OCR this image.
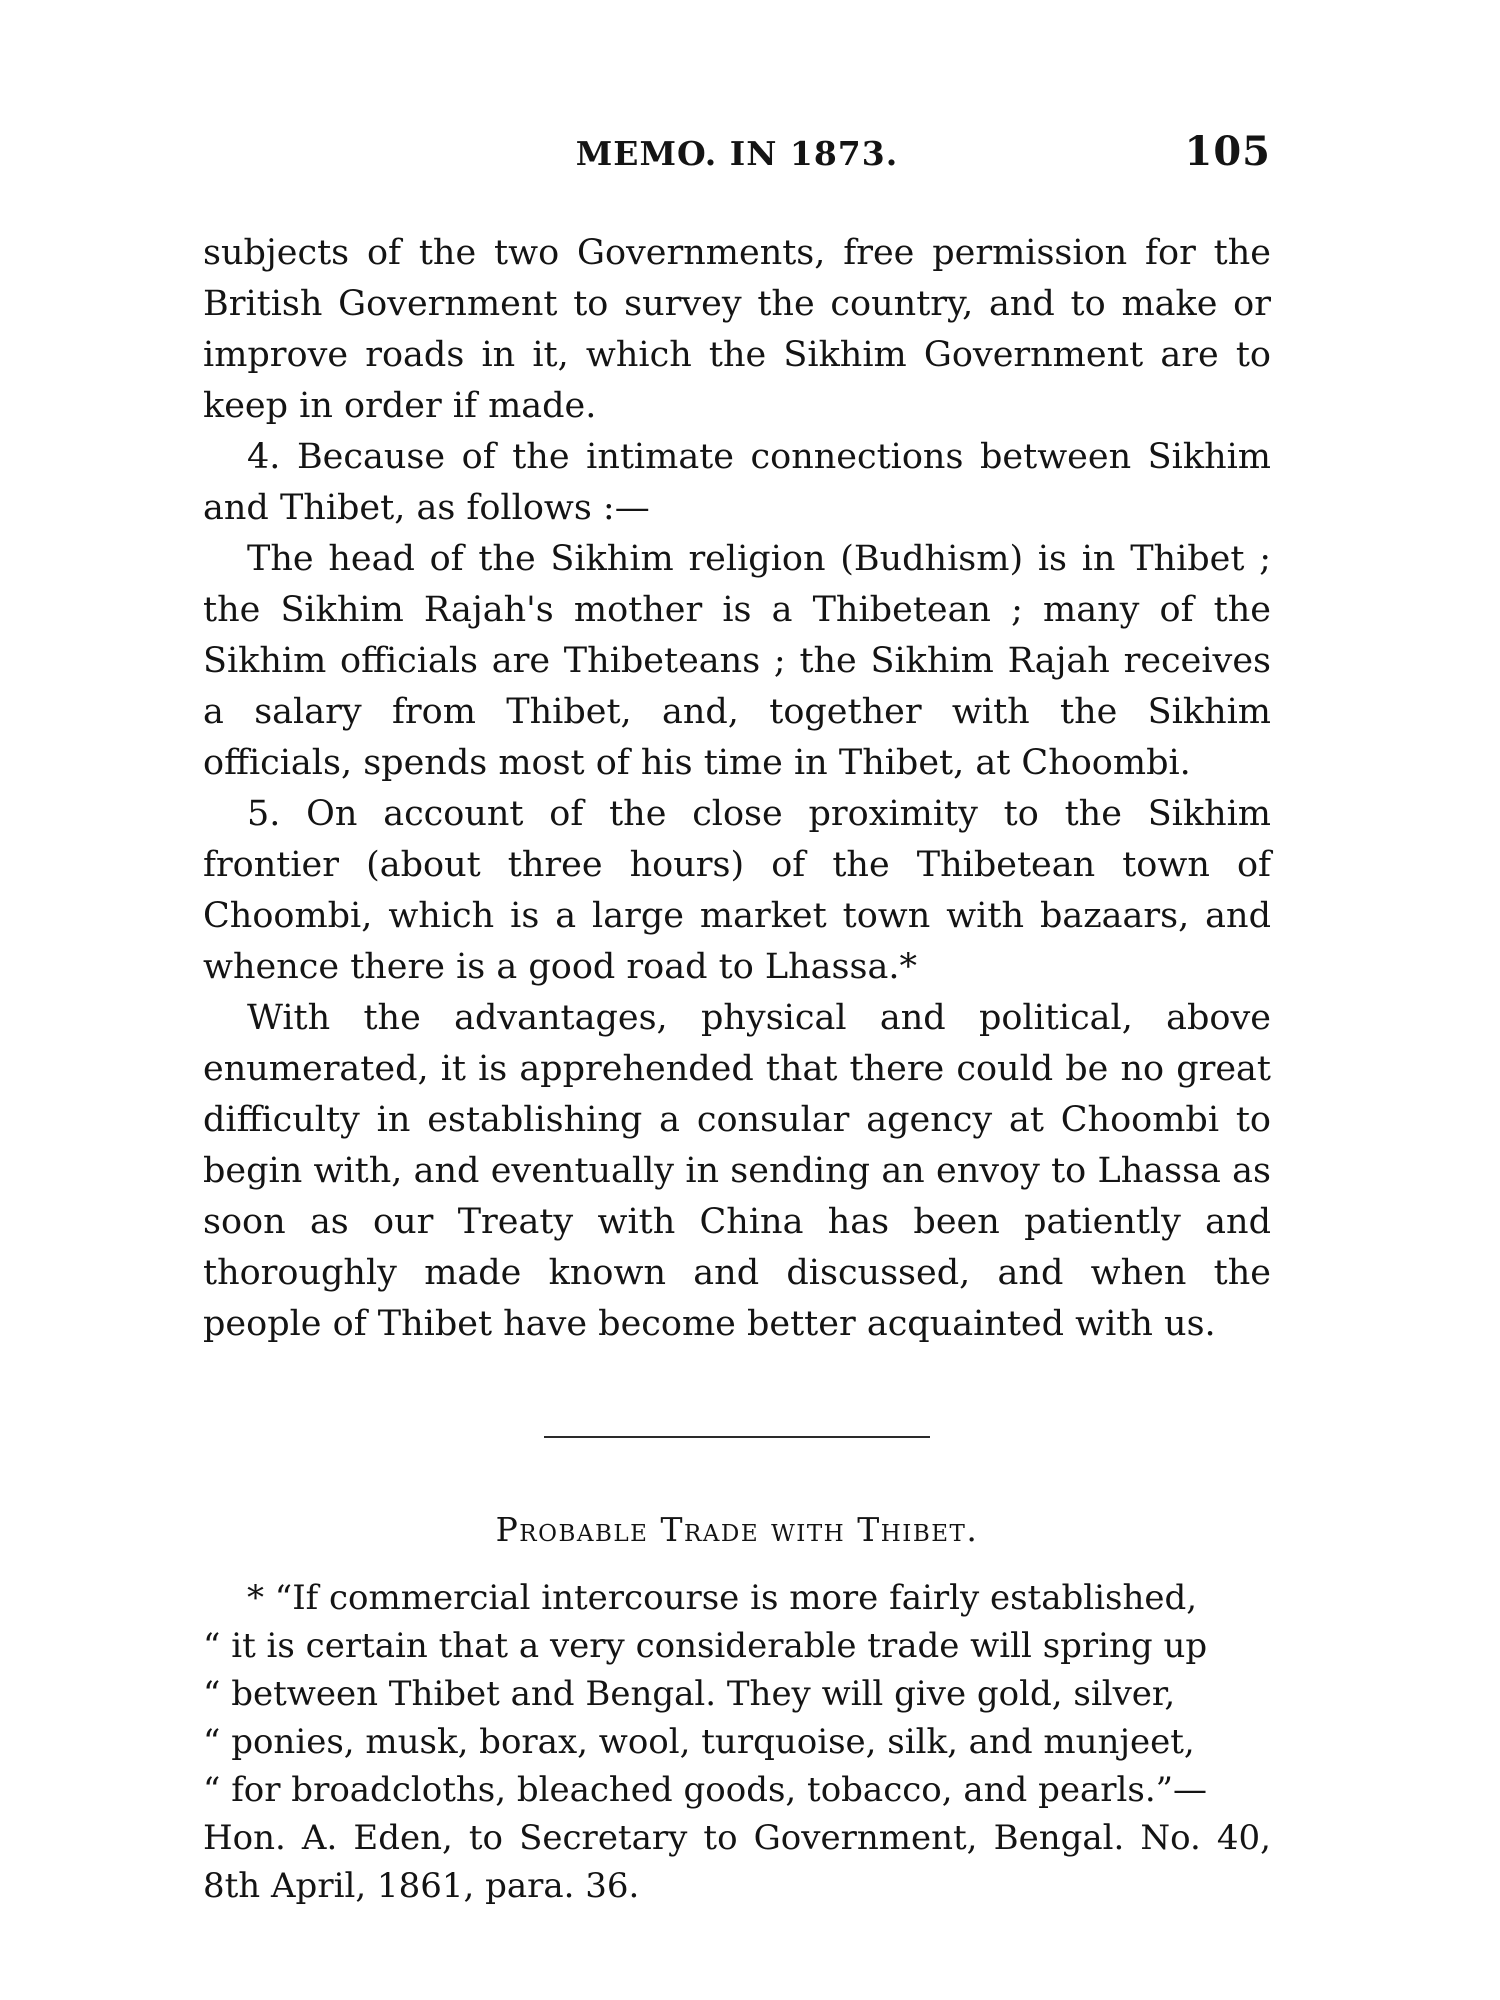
MEMO. IN 1873.	105

subjects of the two Governments, free permission for the British Government to survey the country, and to make or improve roads in it, which the Sikhim Government are to keep in order if made.

4. Because of the intimate connections between Sikhim and Thibet, as follows :—

The head of the Sikhim religion (Budhism) is in Thibet ; the Sikhim Rajah's mother is a Thibetean ; many of the Sikhim officials are Thibeteans ; the Sikhim Rajah receives a salary from Thibet, and, together with the Sikhim officials, spends most of his time in Thibet, at Choombi.

5. On account of the close proximity to the Sikhim frontier (about three hours) of the Thibetean town of Choombi, which is a large market town with bazaars, and whence there is a good road to Lhassa.*

With the advantages, physical and political, above enumerated, it is apprehended that there could be no great difficulty in establishing a consular agency at Choombi to begin with, and eventually in sending an envoy to Lhassa as soon as our Treaty with China has been patiently and thoroughly made known and discussed, and when the people of Thibet have become better acquainted with us.

Probable Trade with Thibet.

* “If commercial intercourse is more fairly established,
“ it is certain that a very considerable trade will spring up
“ between Thibet and Bengal. They will give gold, silver,
“ ponies, musk, borax, wool, turquoise, silk, and munjeet,
“ for broadcloths, bleached goods, tobacco, and pearls.”—

Hon. A. Eden, to Secretary to Government, Bengal. No. 40, 8th April, 1861, para. 36.
